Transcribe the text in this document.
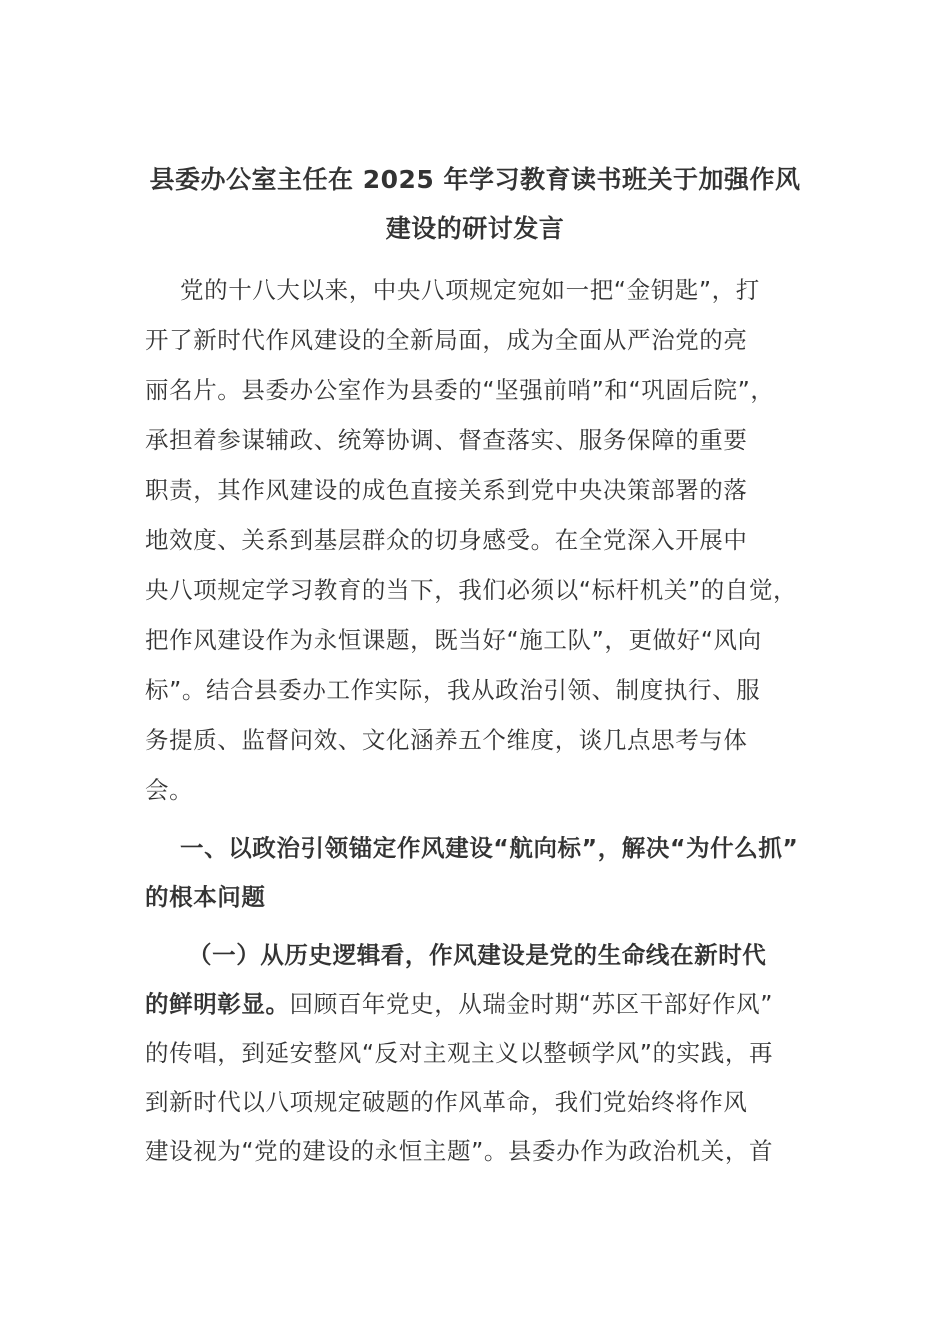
县委办公室主任在 2025 年学习教育读书班关于加强作风
建设的研讨发言
党的十八大以来，中央八项规定宛如一把“金钥匙”，打
开了新时代作风建设的全新局面，成为全面从严治党的亮
丽名片。县委办公室作为县委的“坚强前哨”和“巩固后院”，
承担着参谋辅政、统筹协调、督查落实、服务保障的重要
职责，其作风建设的成色直接关系到党中央决策部署的落
地效度、关系到基层群众的切身感受。在全党深入开展中
央八项规定学习教育的当下，我们必须以“标杆机关”的自觉，
把作风建设作为永恒课题，既当好“施工队”，更做好“风向
标”。结合县委办工作实际，我从政治引领、制度执行、服
务提质、监督问效、文化涵养五个维度，谈几点思考与体
会。
一、以政治引领锚定作风建设“航向标”，解决“为什么抓”
的根本问题
（一）从历史逻辑看，作风建设是党的生命线在新时代
的鲜明彰显。回顾百年党史，从瑞金时期“苏区干部好作风”
的传唱，到延安整风“反对主观主义以整顿学风”的实践，再
到新时代以八项规定破题的作风革命，我们党始终将作风
建设视为“党的建设的永恒主题”。县委办作为政治机关，首
